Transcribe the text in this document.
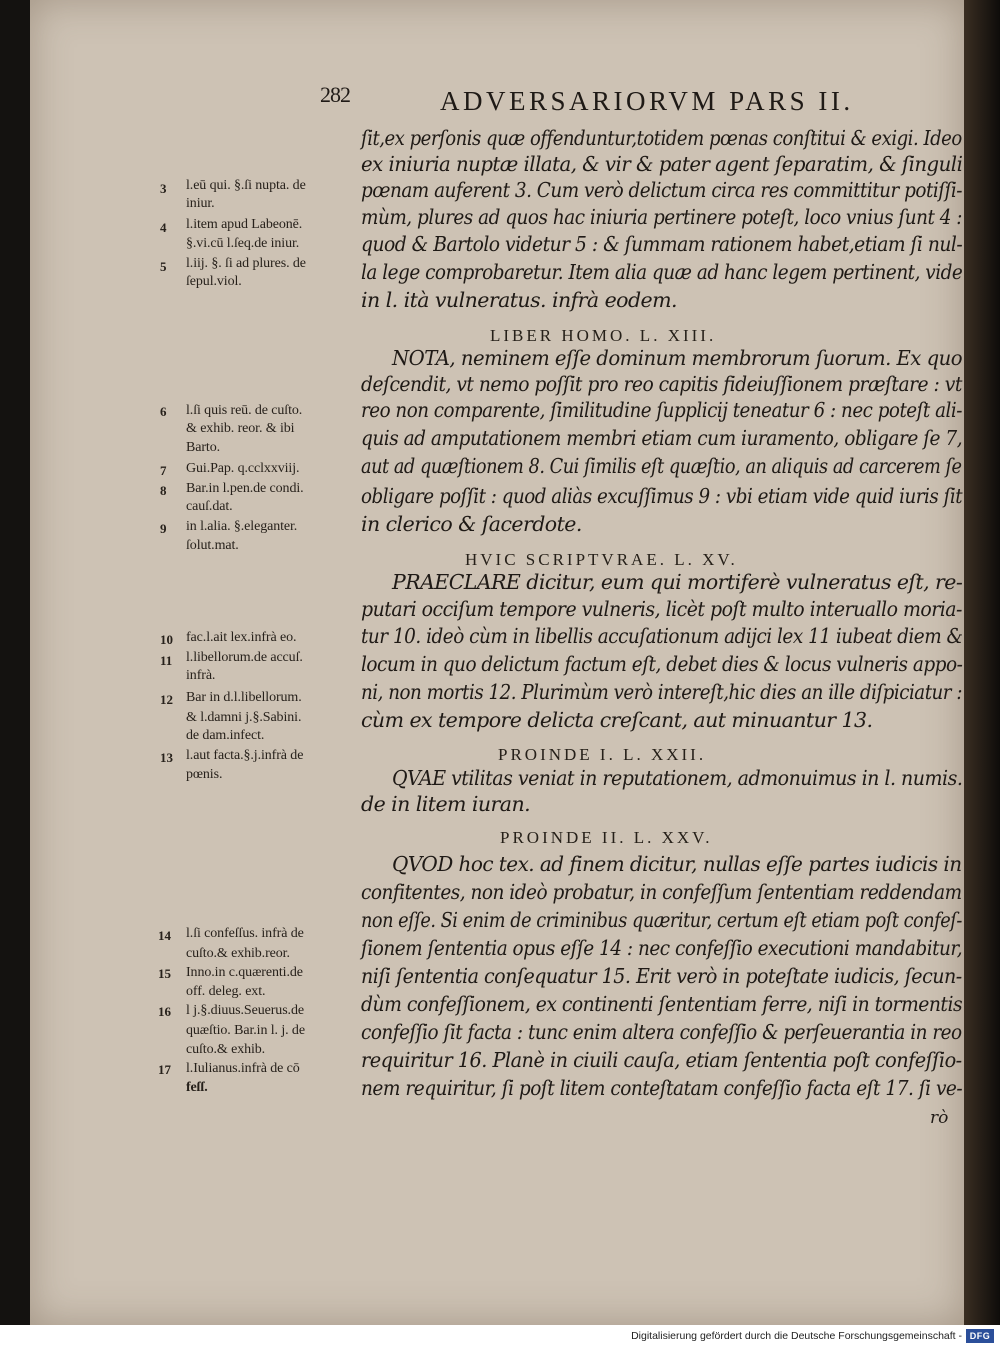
282	ADVERSARIORVM PARS II.
ſit,ex perſonis quæ offenduntur,totidem pœnas conſtitui & exigi. Ideo
ex iniuria nuptæ illata, & vir & pater agent ſeparatim, & ſinguli
pœnam auferent 3. Cum verò delictum circa res committitur potiſſi-
mùm, plures ad quos hac iniuria pertinere poteſt, loco vnius ſunt 4 :
quod & Bartolo videtur 5 : & ſummam rationem habet,etiam ſi nul-
la lege comprobaretur. Item alia quæ ad hanc legem pertinent, vide
in l. ità vulneratus. infrà eodem.
LIBER HOMO. L. XIII.
NOTA, neminem eſſe dominum membrorum ſuorum. Ex quo
deſcendit, vt nemo poſſit pro reo capitis fideiuſſionem præſtare : vt
reo non comparente, ſimilitudine ſupplicij teneatur 6 : nec poteſt ali-
quis ad amputationem membri etiam cum iuramento, obligare ſe 7,
aut ad quæſtionem 8. Cui ſimilis eſt quæſtio, an aliquis ad carcerem ſe
obligare poſſit : quod aliàs excuſſimus 9 : vbi etiam vide quid iuris ſit
in clerico & ſacerdote.
HVIC SCRIPTVRAE. L. XV.
PRAECLARE dicitur, eum qui mortiferè vulneratus eſt, re-
putari occiſum tempore vulneris, licèt poſt multo interuallo moria-
tur 10. ideò cùm in libellis accuſationum adijci lex 11 iubeat diem &
locum in quo delictum factum eſt, debet dies & locus vulneris appo-
ni, non mortis 12. Plurimùm verò intereſt,hic dies an ille diſpiciatur :
cùm ex tempore delicta creſcant, aut minuantur 13.
PROINDE I. L. XXII.
QVAE vtilitas veniat in reputationem, admonuimus in l. numis.
de in litem iuran.
PROINDE II. L. XXV.
QVOD hoc tex. ad finem dicitur, nullas eſſe partes iudicis in
confitentes, non ideò probatur, in confeſſum ſententiam reddendam
non eſſe. Si enim de criminibus quæritur, certum eſt etiam poſt confeſ-
ſionem ſententia opus eſſe 14 : nec confeſſio executioni mandabitur,
niſi ſententia conſequatur 15. Erit verò in poteſtate iudicis, ſecun-
dùm confeſſionem, ex continenti ſententiam ferre, niſi in tormentis
confeſſio ſit facta : tunc enim altera confeſſio & perſeuerantia in reo
requiritur 16. Planè in ciuili cauſa, etiam ſententia poſt confeſſio-
nem requiritur, ſi poſt litem conteſtatam confeſſio facta eſt 17. ſi ve-
rò
3
4
5
6
7
8
9
10
11
12
13
14
15
16
17
l.eū qui. §.ſi nupta. de
iniur.
l.item apud Labeonē.
§.vi.cū l.ſeq.de iniur.
l.iij. §. ſi ad plures. de
ſepul.viol.
l.ſi quis reū. de cuſto.
& exhib. reor. & ibi
Barto.
Gui.Pap. q.cclxxviij.
Bar.in l.pen.de condi.
cauſ.dat.
in l.alia. §.eleganter.
ſolut.mat.
fac.l.ait lex.infrà eo.
l.libellorum.de accuſ.
infrà.
Bar in d.l.libellorum.
& l.damni j.§.Sabini.
de dam.infect.
l.aut facta.§.j.infrà de
pœnis.
l.ſi confeſſus. infrà de
cuſto.& exhib.reor.
Inno.in c.quærenti.de
off. deleg. ext.
l j.§.diuus.Seuerus.de
quæſtio. Bar.in l. j. de
cuſto.& exhib.
l.Iulianus.infrà de cō
feſſ.
Digitalisierung gefördert durch die Deutsche Forschungsgemeinschaft - DFG
